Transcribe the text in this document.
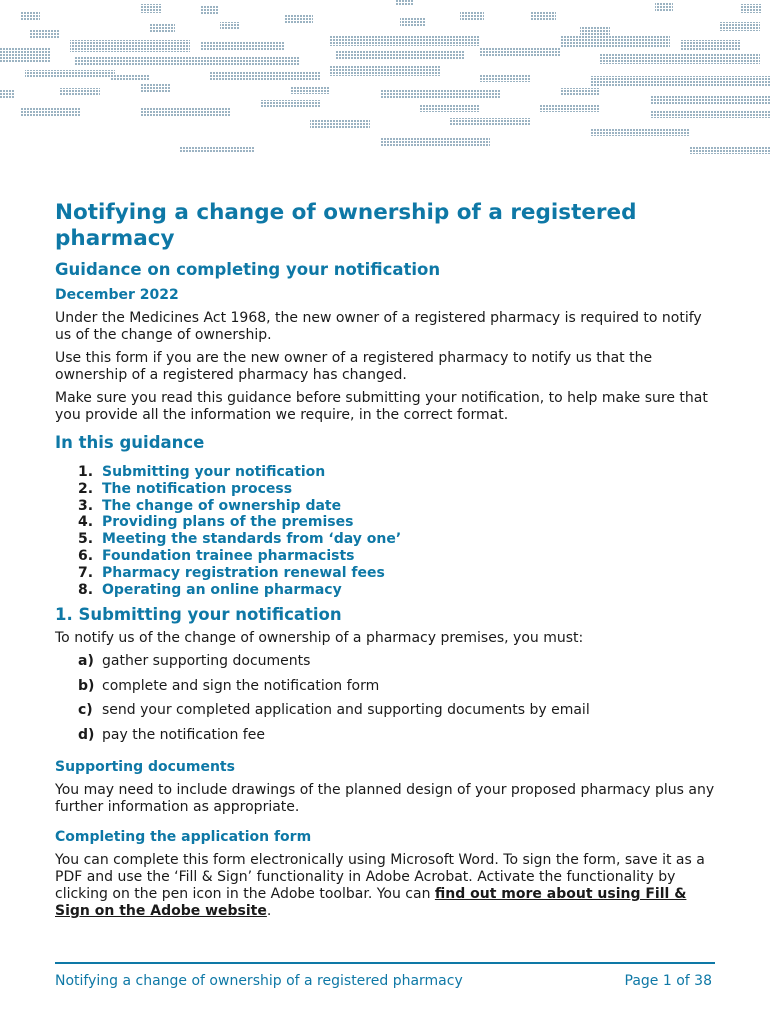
Notifying a change of ownership of a registered pharmacy
Guidance on completing your notification
December 2022

Under the Medicines Act 1968, the new owner of a registered pharmacy is required to notify us of the change of ownership.

Use this form if you are the new owner of a registered pharmacy to notify us that the ownership of a registered pharmacy has changed.

Make sure you read this guidance before submitting your notification, to help make sure that you provide all the information we require, in the correct format.

In this guidance
1. Submitting your notification
2. The notification process
3. The change of ownership date
4. Providing plans of the premises
5. Meeting the standards from ‘day one’
6. Foundation trainee pharmacists
7. Pharmacy registration renewal fees
8. Operating an online pharmacy
1. Submitting your notification

To notify us of the change of ownership of a pharmacy premises, you must:

a) gather supporting documents
b) complete and sign the notification form
c) send your completed application and supporting documents by email
d) pay the notification fee
Supporting documents

You may need to include drawings of the planned design of your proposed pharmacy plus any further information as appropriate.

Completing the application form

You can complete this form electronically using Microsoft Word. To sign the form, save it as a PDF and use the ‘Fill & Sign’ functionality in Adobe Acrobat. Activate the functionality by clicking on the pen icon in the Adobe toolbar. You can find out more about using Fill & Sign on the Adobe website.

Notifying a change of ownership of a registered pharmacy	Page 1 of 38
